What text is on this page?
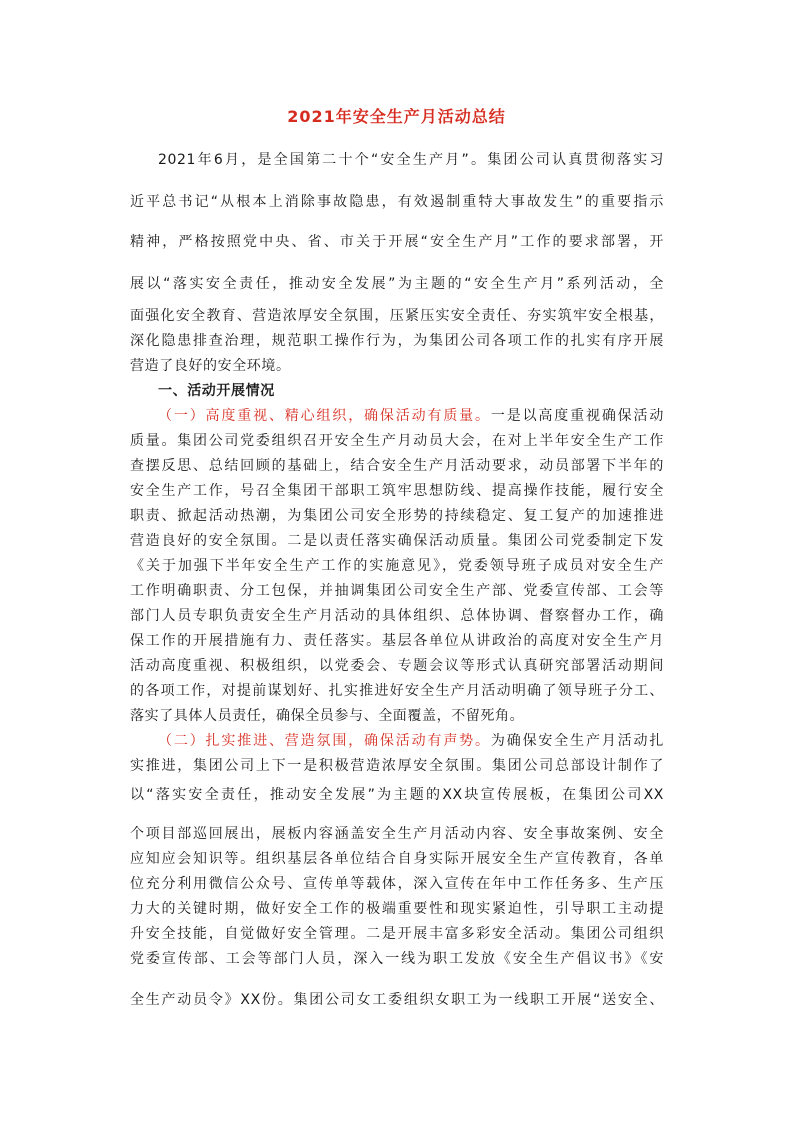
2021年安全生产月活动总结
2021年6月，是全国第二十个“安全生产月”。集团公司认真贯彻落实习
近平总书记“从根本上消除事故隐患，有效遏制重特大事故发生”的重要指示
精神，严格按照党中央、省、市关于开展“安全生产月”工作的要求部署，开
展以“落实安全责任，推动安全发展”为主题的“安全生产月”系列活动，全
面强化安全教育、营造浓厚安全氛围，压紧压实安全责任、夯实筑牢安全根基，
深化隐患排查治理，规范职工操作行为，为集团公司各项工作的扎实有序开展
营造了良好的安全环境。
一、活动开展情况
（一）高度重视、精心组织，确保活动有质量。一是以高度重视确保活动
质量。集团公司党委组织召开安全生产月动员大会，在对上半年安全生产工作
查摆反思、总结回顾的基础上，结合安全生产月活动要求，动员部署下半年的
安全生产工作，号召全集团干部职工筑牢思想防线、提高操作技能，履行安全
职责、掀起活动热潮，为集团公司安全形势的持续稳定、复工复产的加速推进
营造良好的安全氛围。二是以责任落实确保活动质量。集团公司党委制定下发
《关于加强下半年安全生产工作的实施意见》，党委领导班子成员对安全生产
工作明确职责、分工包保，并抽调集团公司安全生产部、党委宣传部、工会等
部门人员专职负责安全生产月活动的具体组织、总体协调、督察督办工作，确
保工作的开展措施有力、责任落实。基层各单位从讲政治的高度对安全生产月
活动高度重视、积极组织，以党委会、专题会议等形式认真研究部署活动期间
的各项工作，对提前谋划好、扎实推进好安全生产月活动明确了领导班子分工、
落实了具体人员责任，确保全员参与、全面覆盖，不留死角。
（二）扎实推进、营造氛围，确保活动有声势。为确保安全生产月活动扎
实推进，集团公司上下一是积极营造浓厚安全氛围。集团公司总部设计制作了
以“落实安全责任，推动安全发展”为主题的XX块宣传展板，在集团公司XX
个项目部巡回展出，展板内容涵盖安全生产月活动内容、安全事故案例、安全
应知应会知识等。组织基层各单位结合自身实际开展安全生产宣传教育，各单
位充分利用微信公众号、宣传单等载体，深入宣传在年中工作任务多、生产压
力大的关键时期，做好安全工作的极端重要性和现实紧迫性，引导职工主动提
升安全技能，自觉做好安全管理。二是开展丰富多彩安全活动。集团公司组织
党委宣传部、工会等部门人员，深入一线为职工发放《安全生产倡议书》《安
全生产动员令》XX份。集团公司女工委组织女职工为一线职工开展“送安全、
